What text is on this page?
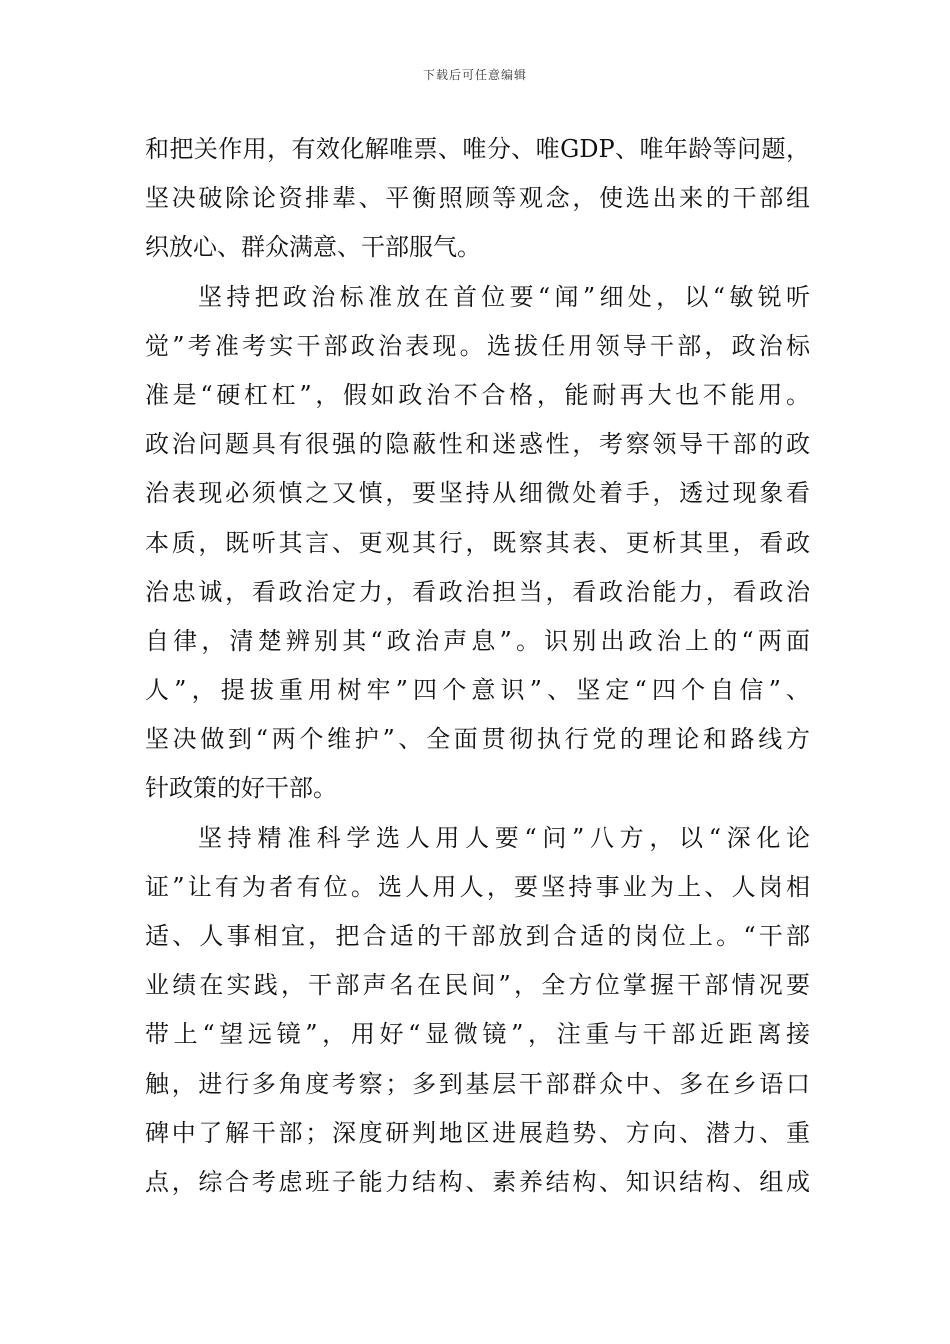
下载后可任意编辑
和把关作用，有效化解唯票、唯分、唯GDP、唯年龄等问题，
坚决破除论资排辈、平衡照顾等观念，使选出来的干部组
织放心、群众满意、干部服气。
坚持把政治标准放在首位要“闻”细处，以“敏锐听
觉”考准考实干部政治表现。选拔任用领导干部，政治标
准是“硬杠杠”，假如政治不合格，能耐再大也不能用。
政治问题具有很强的隐蔽性和迷惑性，考察领导干部的政
治表现必须慎之又慎，要坚持从细微处着手，透过现象看
本质，既听其言、更观其行，既察其表、更析其里，看政
治忠诚，看政治定力，看政治担当，看政治能力，看政治
自律，清楚辨别其“政治声息”。识别出政治上的“两面
人”，提拔重用树牢”四个意识”、坚定“四个自信”、
坚决做到“两个维护”、全面贯彻执行党的理论和路线方
针政策的好干部。
坚持精准科学选人用人要“问”八方，以“深化论
证”让有为者有位。选人用人，要坚持事业为上、人岗相
适、人事相宜，把合适的干部放到合适的岗位上。“干部
业绩在实践，干部声名在民间”，全方位掌握干部情况要
带上“望远镜”，用好“显微镜”，注重与干部近距离接
触，进行多角度考察；多到基层干部群众中、多在乡语口
碑中了解干部；深度研判地区进展趋势、方向、潜力、重
点，综合考虑班子能力结构、素养结构、知识结构、组成
